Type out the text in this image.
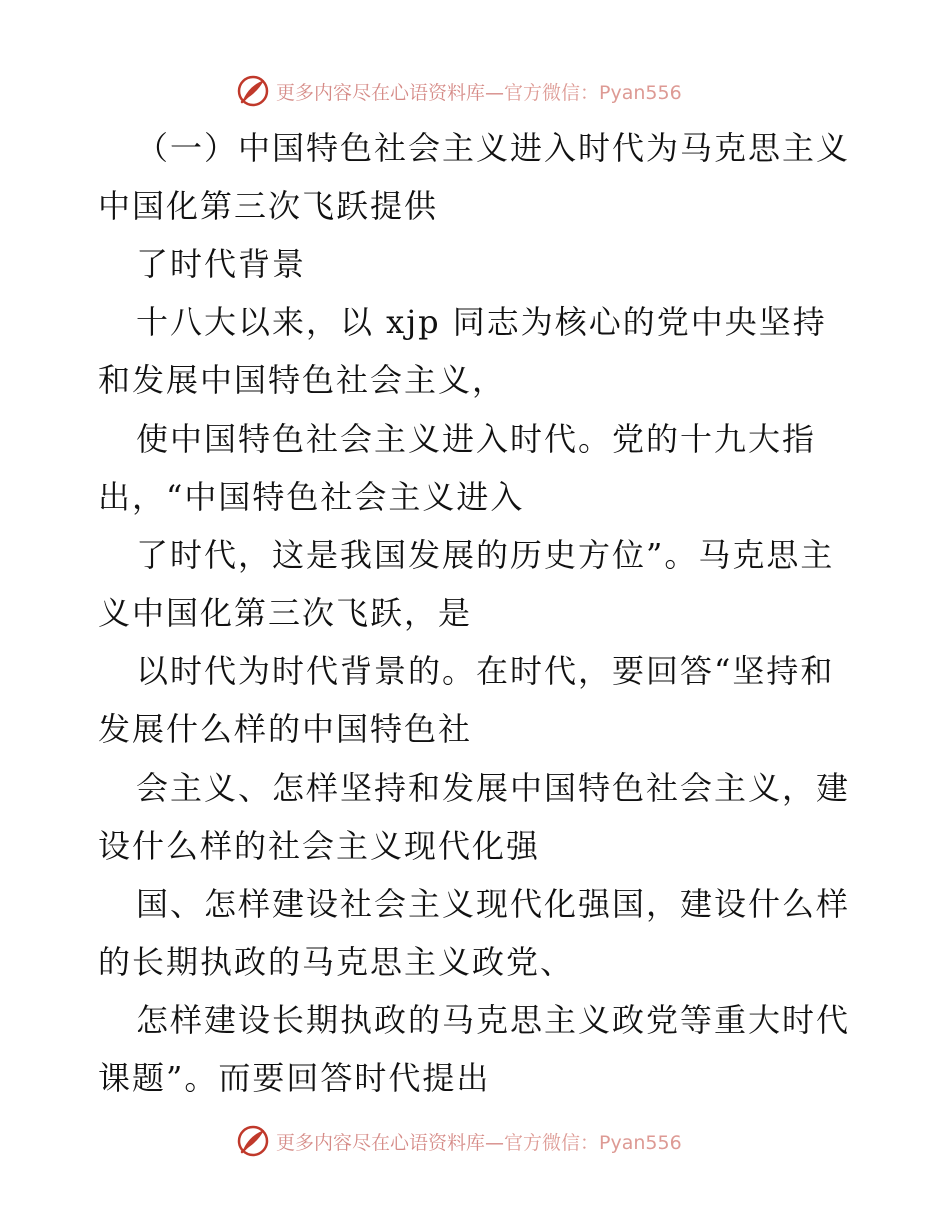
更多内容尽在心语资料库—官方微信：Pyan556
（一）中国特色社会主义进入时代为马克思主义
中国化第三次飞跃提供
了时代背景
十八大以来，以 xjp 同志为核心的党中央坚持
和发展中国特色社会主义，
使中国特色社会主义进入时代。党的十九大指
出，“中国特色社会主义进入
了时代，这是我国发展的历史方位”。马克思主
义中国化第三次飞跃，是
以时代为时代背景的。在时代，要回答“坚持和
发展什么样的中国特色社
会主义、怎样坚持和发展中国特色社会主义，建
设什么样的社会主义现代化强
国、怎样建设社会主义现代化强国，建设什么样
的长期执政的马克思主义政党、
怎样建设长期执政的马克思主义政党等重大时代
课题”。而要回答时代提出
更多内容尽在心语资料库—官方微信：Pyan556
